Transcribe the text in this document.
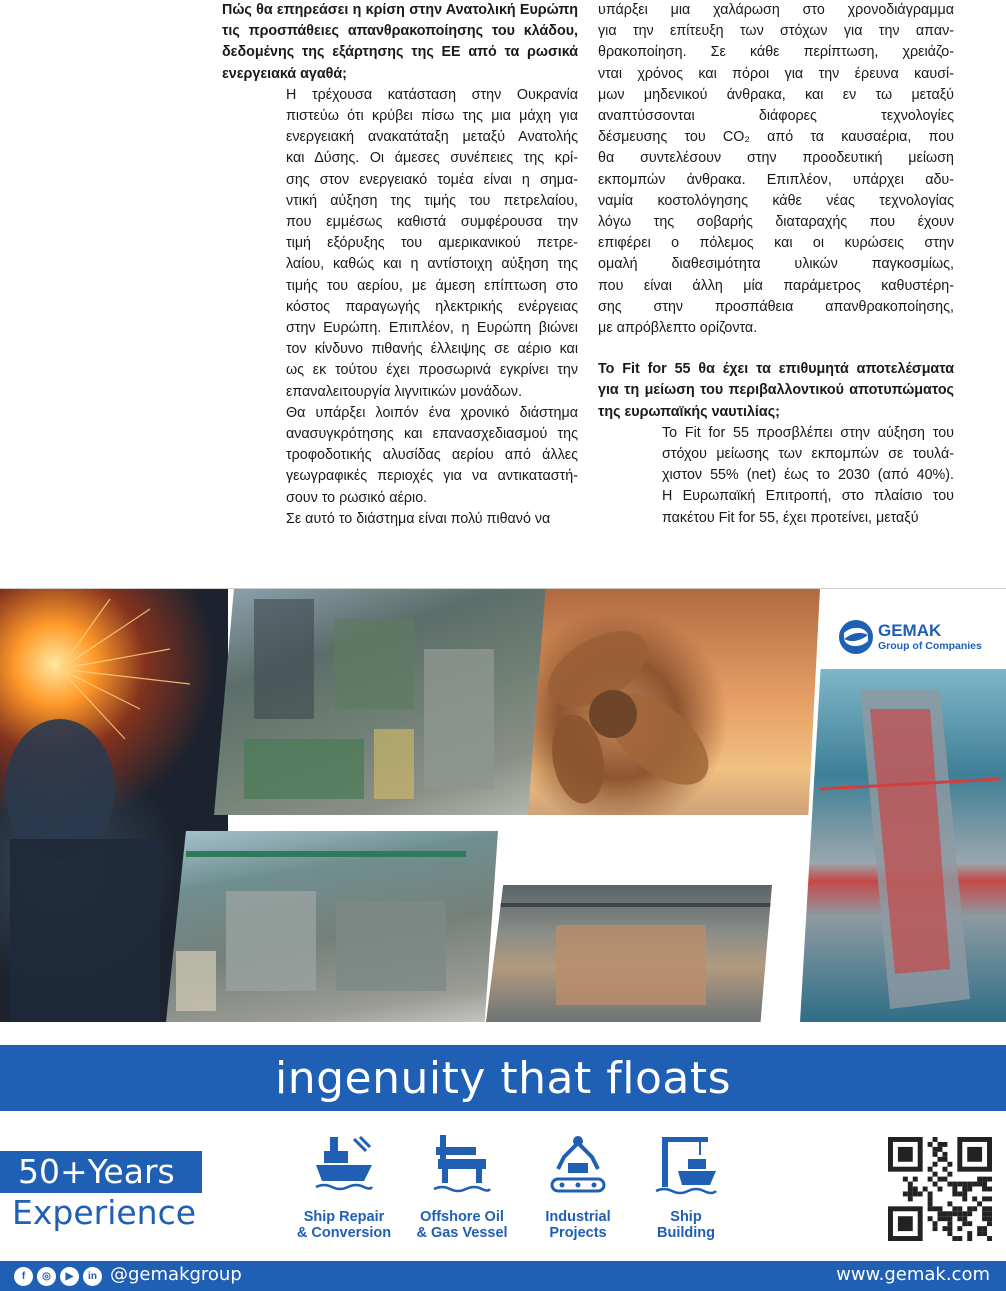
Πώς θα επηρεάσει η κρίση στην Ανατολική Ευρώπη τις προσπάθειες απανθρακοποίησης του κλάδου, δεδομένης της εξάρτησης της ΕΕ από τα ρωσικά ενεργειακά αγαθά;
Η τρέχουσα κατάσταση στην Ουκρανία
πιστεύω ότι κρύβει πίσω της μια μάχη για
ενεργειακή ανακατάταξη μεταξύ Ανατολής
και Δύσης. Οι άμεσες συνέπειες της κρί-
σης στον ενεργειακό τομέα είναι η σημα-
ντική αύξηση της τιμής του πετρελαίου,
που εμμέσως καθιστά συμφέρουσα την
τιμή εξόρυξης του αμερικανικού πετρε-
λαίου, καθώς και η αντίστοιχη αύξηση της
τιμής του αερίου, με άμεση επίπτωση στο
κόστος παραγωγής ηλεκτρικής ενέργειας
στην Ευρώπη. Επιπλέον, η Ευρώπη βιώνει
τον κίνδυνο πιθανής έλλειψης σε αέριο και
ως εκ τούτου έχει προσωρινά εγκρίνει την
επαναλειτουργία λιγνιτικών μονάδων.
Θα υπάρξει λοιπόν ένα χρονικό διάστημα
ανασυγκρότησης και επανασχεδιασμού της
τροφοδοτικής αλυσίδας αερίου από άλλες
γεωγραφικές περιοχές για να αντικαταστή-
σουν το ρωσικό αέριο.
Σε αυτό το διάστημα είναι πολύ πιθανό να
υπάρξει μια χαλάρωση στο χρονοδιάγραμμα
για την επίτευξη των στόχων για την απαν-
θρακοποίηση. Σε κάθε περίπτωση, χρειάζο-
νται χρόνος και πόροι για την έρευνα καυσί-
μων μηδενικού άνθρακα, και εν τω μεταξύ
αναπτύσσονται διάφορες τεχνολογίες
δέσμευσης του CO₂ από τα καυσαέρια, που
θα συντελέσουν στην προοδευτική μείωση
εκπομπών άνθρακα. Επιπλέον, υπάρχει αδυ-
ναμία κοστολόγησης κάθε νέας τεχνολογίας
λόγω της σοβαρής διαταραχής που έχουν
επιφέρει ο πόλεμος και οι κυρώσεις στην
ομαλή διαθεσιμότητα υλικών παγκοσμίως,
που είναι άλλη μία παράμετρος καθυστέρη-
σης στην προσπάθεια απανθρακοποίησης,
με απρόβλεπτο ορίζοντα.
Το Fit for 55 θα έχει τα επιθυμητά αποτελέσματα
για τη μείωση του περιβαλλοντικού αποτυπώματος
της ευρωπαϊκής ναυτιλίας;
Το Fit for 55 προσβλέπει στην αύξηση του
στόχου μείωσης των εκπομπών σε τουλά-
χιστον 55% (net) έως το 2030 (από 40%).
Η Ευρωπαϊκή Επιτροπή, στο πλαίσιο του
πακέτου Fit for 55, έχει προτείνει, μεταξύ
GEMAK
Group of Companies
ingenuity that floats
50+Years
Experience	Ship Repair
& Conversion
Offshore Oil
& Gas Vessel
Industrial
Projects
Ship
Building
f	◎	▶	in @gemakgroup	www.gemak.com
